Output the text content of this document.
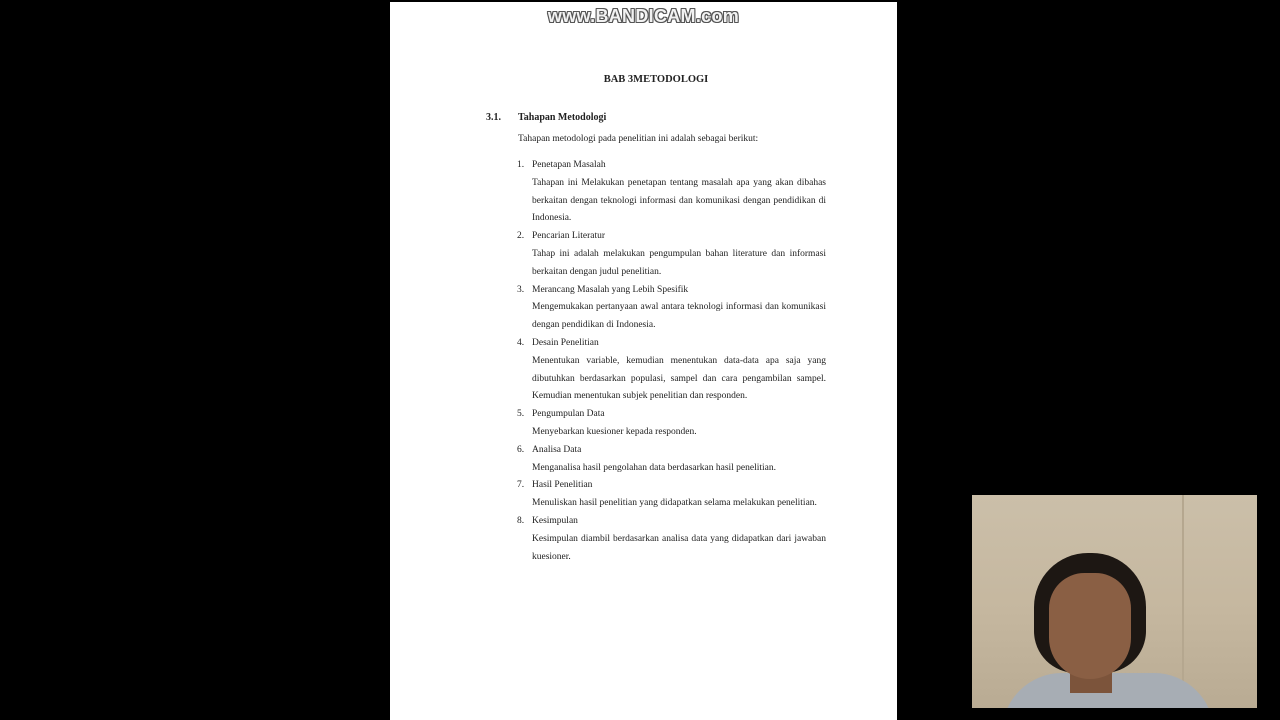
www.BANDICAM.com
BAB 3METODOLOGI
3.1. Tahapan Metodologi
Tahapan metodologi pada penelitian ini adalah sebagai berikut:
1. Penetapan Masalah
Tahapan ini Melakukan penetapan tentang masalah apa yang akan dibahas berkaitan dengan teknologi informasi dan komunikasi dengan pendidikan di Indonesia.
2. Pencarian Literatur
Tahap ini adalah melakukan pengumpulan bahan literature dan informasi berkaitan dengan judul penelitian.
3. Merancang Masalah yang Lebih Spesifik
Mengemukakan pertanyaan awal antara teknologi informasi dan komunikasi dengan pendidikan di Indonesia.
4. Desain Penelitian
Menentukan variable, kemudian menentukan data-data apa saja yang dibutuhkan berdasarkan populasi, sampel dan cara pengambilan sampel. Kemudian menentukan subjek penelitian dan responden.
5. Pengumpulan Data
Menyebarkan kuesioner kepada responden.
6. Analisa Data
Menganalisa hasil pengolahan data berdasarkan hasil penelitian.
7. Hasil Penelitian
Menuliskan hasil penelitian yang didapatkan selama melakukan penelitian.
8. Kesimpulan
Kesimpulan diambil berdasarkan analisa data yang didapatkan dari jawaban kuesioner.
